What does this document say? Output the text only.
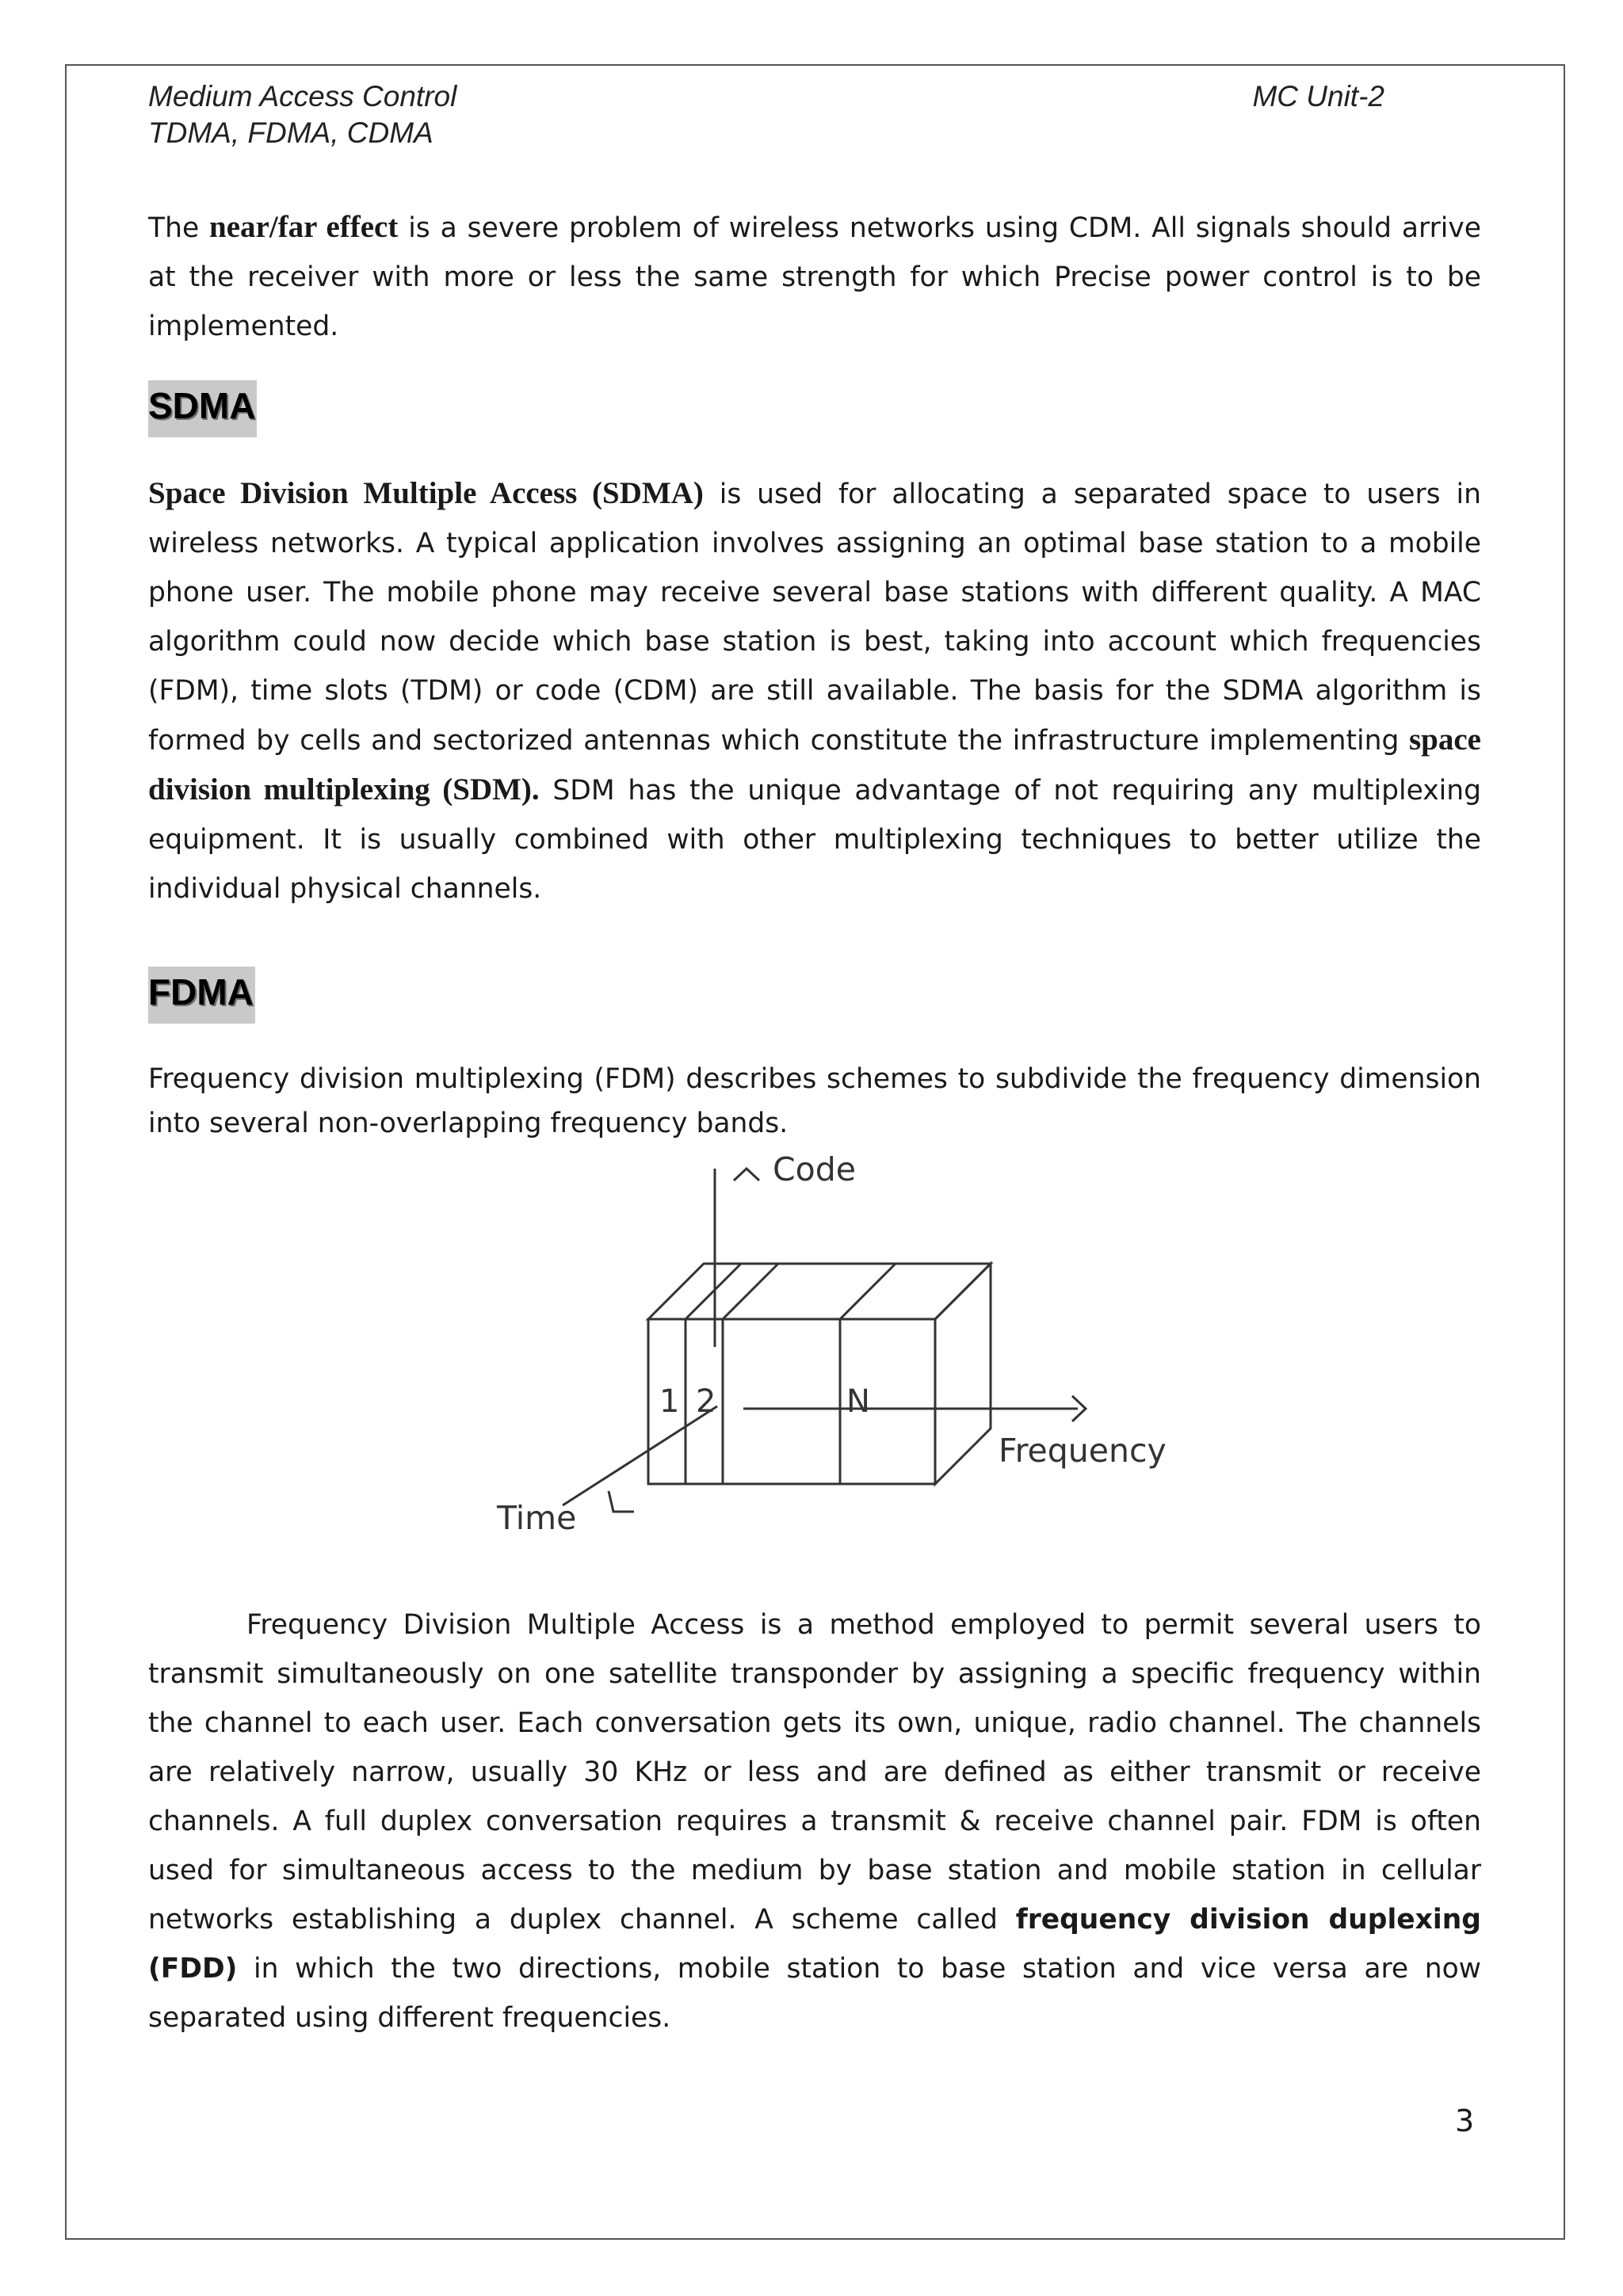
Medium Access Control	MC Unit-2
TDMA, FDMA, CDMA

The near/far effect is a severe problem of wireless networks using CDM. All signals should arrive at the receiver with more or less the same strength for which Precise power control is to be implemented.

SDMA

Space Division Multiple Access (SDMA) is used for allocating a separated space to users in wireless networks. A typical application involves assigning an optimal base station to a mobile phone user. The mobile phone may receive several base stations with different quality. A MAC algorithm could now decide which base station is best, taking into account which frequencies (FDM), time slots (TDM) or code (CDM) are still available. The basis for the SDMA algorithm is formed by cells and sectorized antennas which constitute the infrastructure implementing space division multiplexing (SDM). SDM has the unique advantage of not requiring any multiplexing equipment. It is usually combined with other multiplexing techniques to better utilize the individual physical channels.

FDMA

Frequency division multiplexing (FDM) describes schemes to subdivide the frequency dimension into several non-overlapping frequency bands.

Code
Frequency
Time
1 2	N

Frequency Division Multiple Access is a method employed to permit several users to transmit simultaneously on one satellite transponder by assigning a specific frequency within the channel to each user. Each conversation gets its own, unique, radio channel. The channels are relatively narrow, usually 30 KHz or less and are defined as either transmit or receive channels. A full duplex conversation requires a transmit & receive channel pair. FDM is often used for simultaneous access to the medium by base station and mobile station in cellular networks establishing a duplex channel. A scheme called frequency division duplexing (FDD) in which the two directions, mobile station to base station and vice versa are now separated using different frequencies.

3
